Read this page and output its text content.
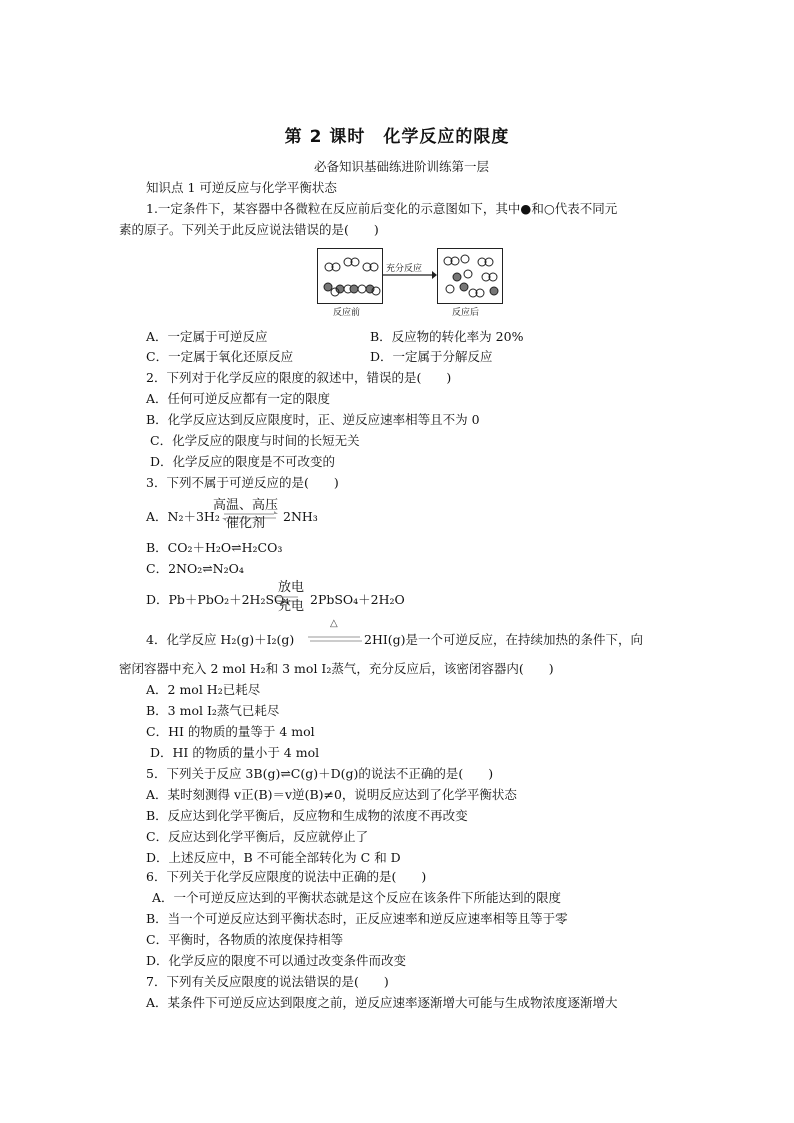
第 2 课时　化学反应的限度
必备知识基础练进阶训练第一层
知识点 1 可逆反应与化学平衡状态
1.一定条件下，某容器中各微粒在反应前后变化的示意图如下，其中●和○代表不同元
素的原子。下列关于此反应说法错误的是(　　)
充分反应
反应前	反应后
A．一定属于可逆反应	B．反应物的转化率为 20%
C．一定属于氧化还原反应	D．一定属于分解反应
2．下列对于化学反应的限度的叙述中，错误的是(　　)
A．任何可逆反应都有一定的限度
B．化学反应达到反应限度时，正、逆反应速率相等且不为 0
C．化学反应的限度与时间的长短无关
D．化学反应的限度是不可改变的
3．下列不属于可逆反应的是(　　)
高温、高压
A．N₂＋3H₂ ⇌
催化剂 2NH₃
B．CO₂＋H₂O⇌H₂CO₃
C．2NO₂⇌N₂O₄
放电
D．Pb＋PbO₂＋2H₂SO₄
充电 2PbSO₄＋2H₂O
△
4．化学反应 H₂(g)＋I₂(g)	2HI(g)是一个可逆反应，在持续加热的条件下，向
密闭容器中充入 2 mol H₂和 3 mol I₂蒸气，充分反应后，该密闭容器内(　　)
A．2 mol H₂已耗尽
B．3 mol I₂蒸气已耗尽
C．HI 的物质的量等于 4 mol
D．HI 的物质的量小于 4 mol
5．下列关于反应 3B(g)⇌C(g)＋D(g)的说法不正确的是(　　)
A．某时刻测得 v正(B)＝v逆(B)≠0，说明反应达到了化学平衡状态
B．反应达到化学平衡后，反应物和生成物的浓度不再改变
C．反应达到化学平衡后，反应就停止了
D．上述反应中，B 不可能全部转化为 C 和 D
6．下列关于化学反应限度的说法中正确的是(　　)
A．一个可逆反应达到的平衡状态就是这个反应在该条件下所能达到的限度
B．当一个可逆反应达到平衡状态时，正反应速率和逆反应速率相等且等于零
C．平衡时，各物质的浓度保持相等
D．化学反应的限度不可以通过改变条件而改变
7．下列有关反应限度的说法错误的是(　　)
A．某条件下可逆反应达到限度之前，逆反应速率逐渐增大可能与生成物浓度逐渐增大
